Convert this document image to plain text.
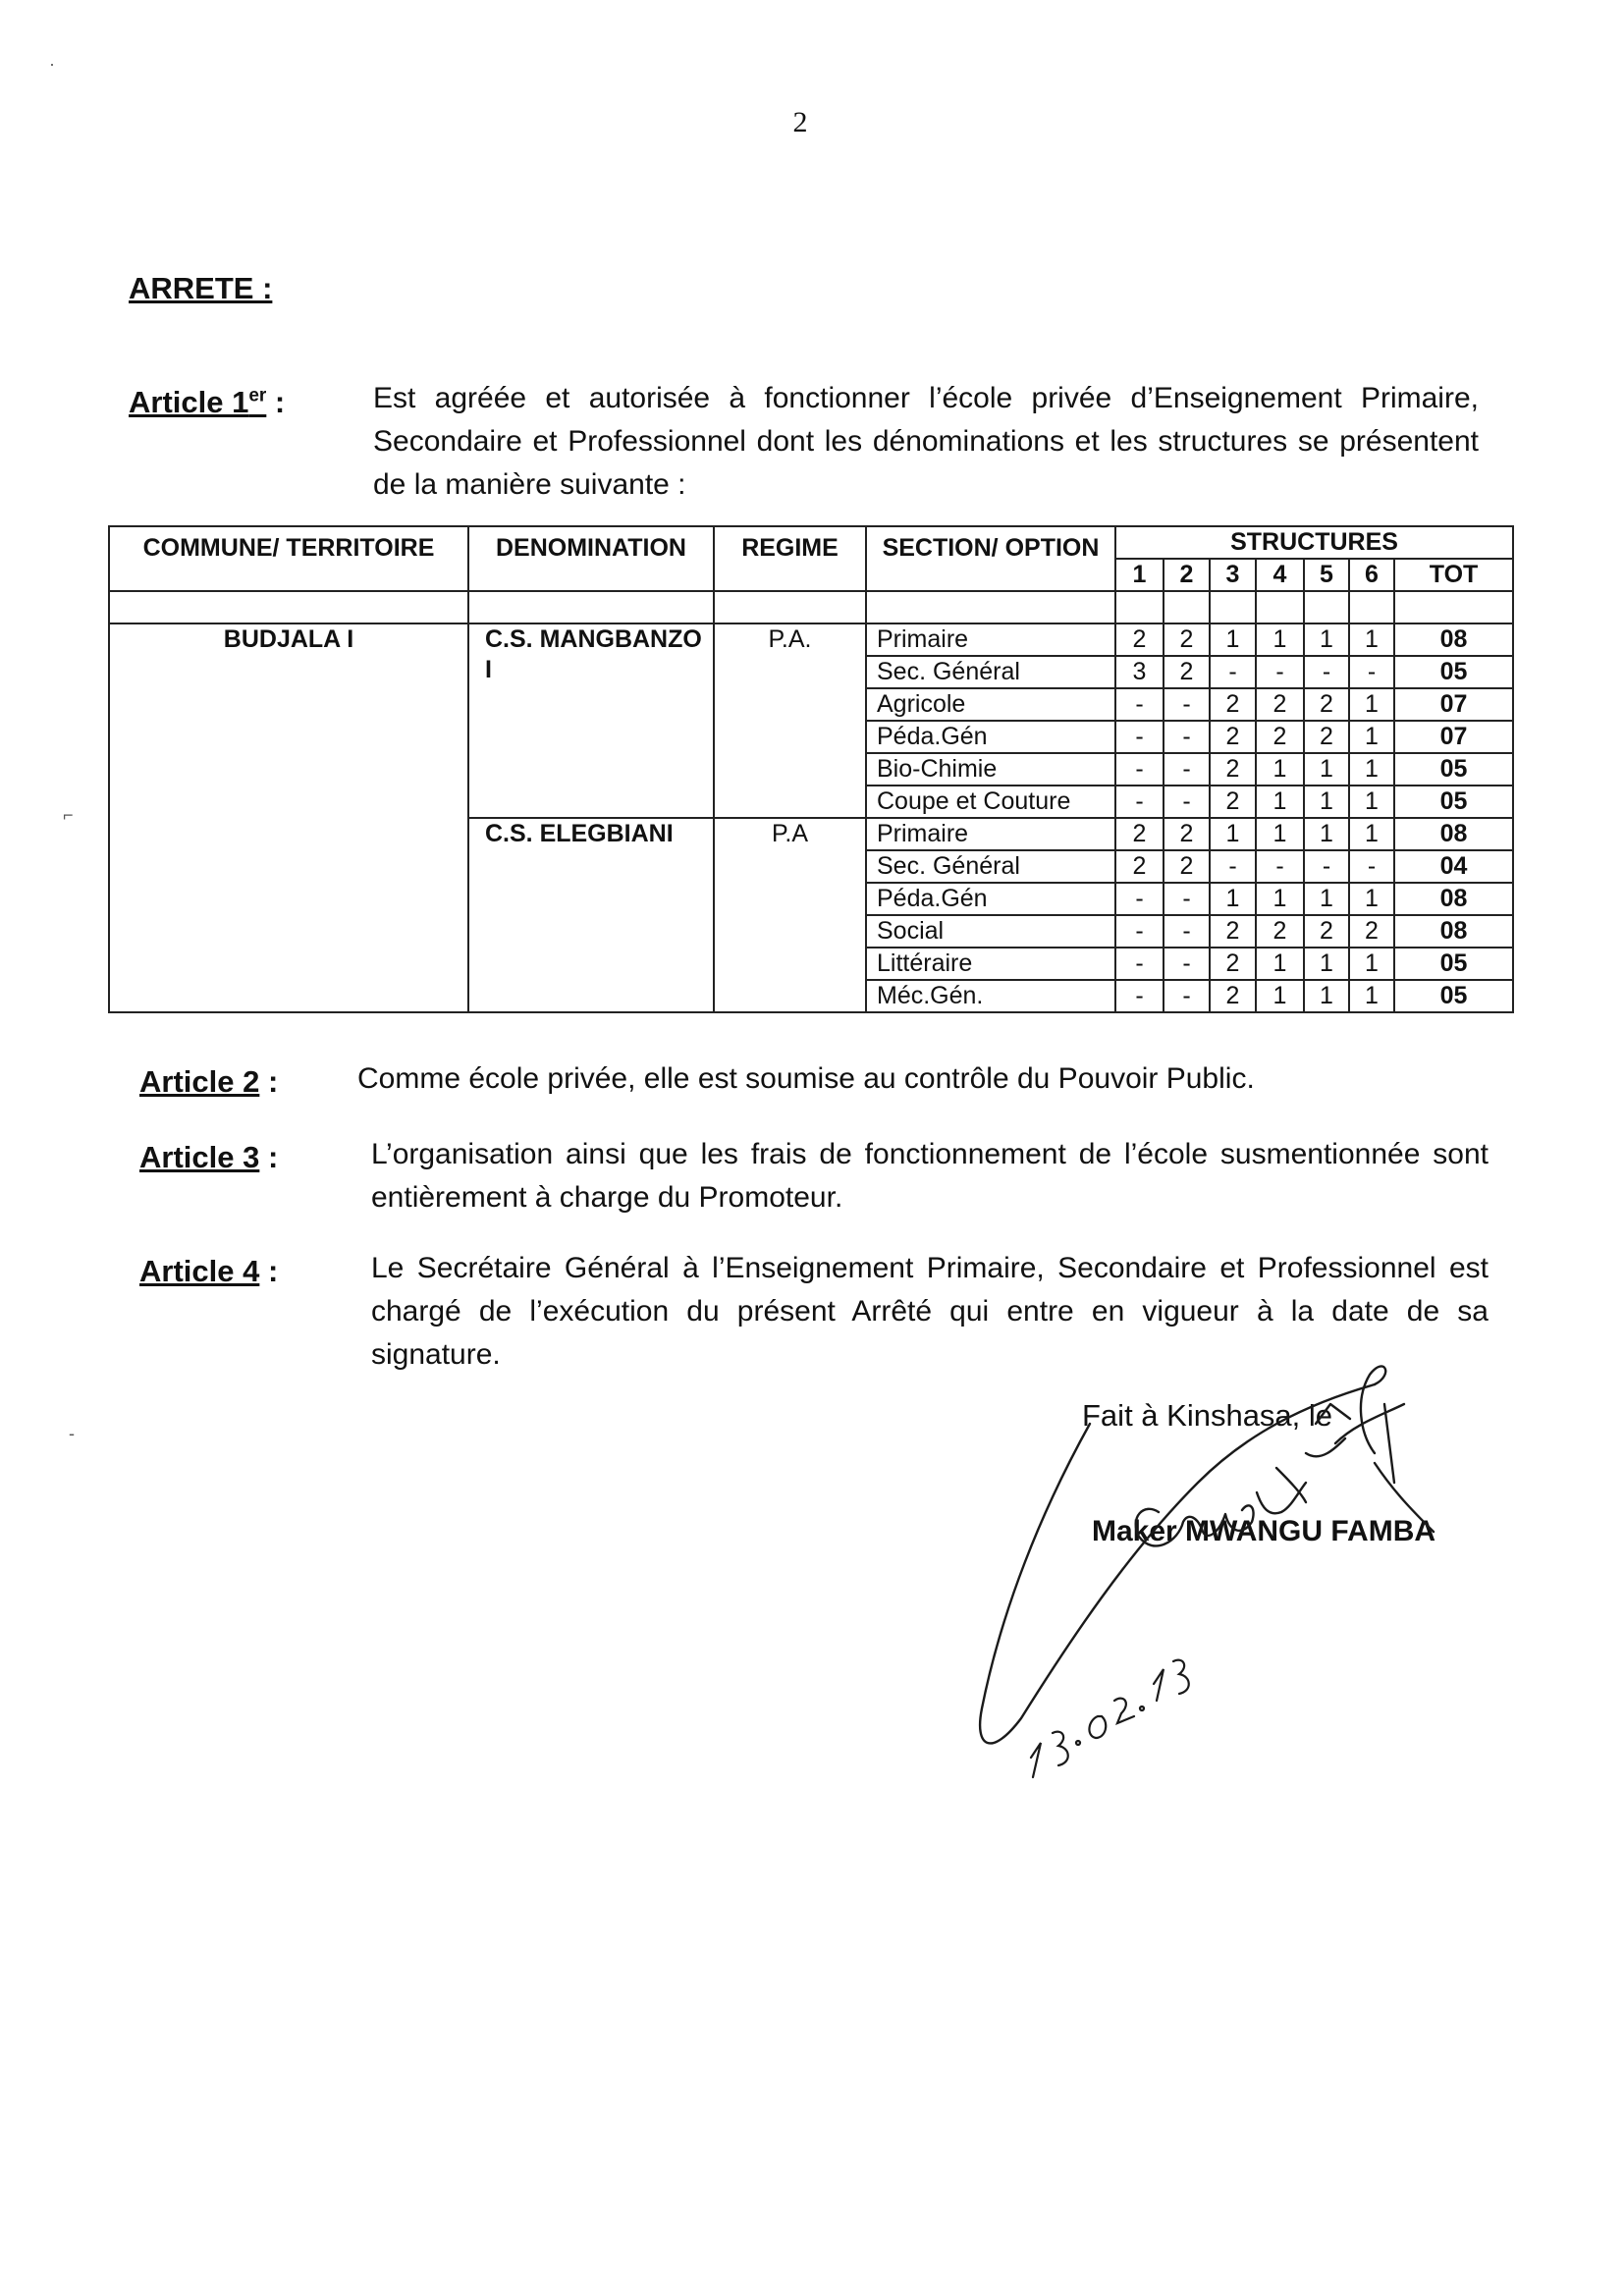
2
ARRETE :
Article 1er :	Est agréée et autorisée à fonctionner l’école privée d’Enseignement Primaire, Secondaire et Professionnel dont les dénominations et les structures se présentent de la manière suivante :
COMMUNE/ TERRITOIRE	DENOMINATION	REGIME	SECTION/ OPTION	STRUCTURES						
				1	2	3	4	5	6	TOT

BUDJALA I	C.S. MANGBANZO I	P.A.	Primaire	2	2	1	1	1	1	08
			Sec. Général	3	2	-	-	-	-	05
			Agricole	-	-	2	2	2	1	07
			Péda.Gén	-	-	2	2	2	1	07
			Bio-Chimie	-	-	2	1	1	1	05
			Coupe et Couture	-	-	2	1	1	1	05
	C.S. ELEGBIANI	P.A	Primaire	2	2	1	1	1	1	08
			Sec. Général	2	2	-	-	-	-	04
			Péda.Gén	-	-	1	1	1	1	08
			Social	-	-	2	2	2	2	08
			Littéraire	-	-	2	1	1	1	05
			Méc.Gén.	-	-	2	1	1	1	05
Article 2 :	Comme école privée, elle est soumise au contrôle du Pouvoir Public.
Article 3 :	L’organisation ainsi que les frais de fonctionnement de l’école susmentionnée sont entièrement à charge du Promoteur.
Article 4 :	Le Secrétaire Général à l’Enseignement Primaire, Secondaire et Professionnel est chargé de l’exécution du présent Arrêté qui entre en vigueur à la date de sa signature.
Fait à Kinshasa, le
Maker MWANGU FAMBA
·
⌐
‐
